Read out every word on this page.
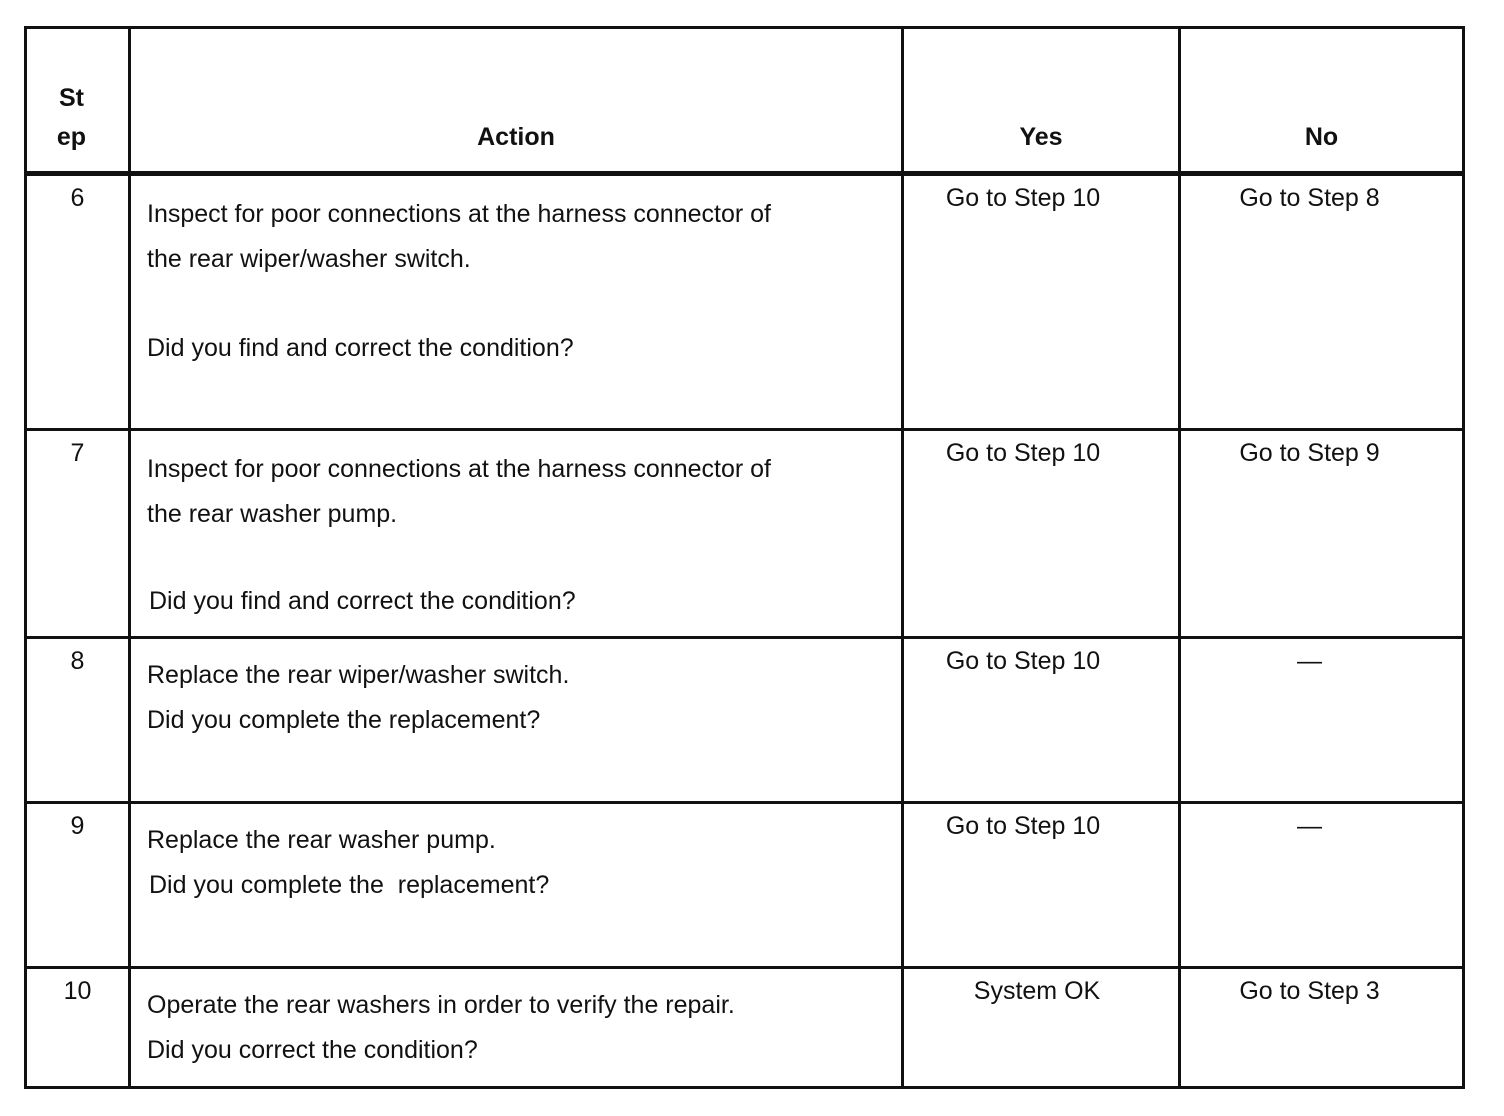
St
ep	Action	Yes	No

6	Inspect for poor connections at the harness connector of
the rear wiper/washer switch.
Did you find and correct the condition?	Go to Step 10	Go to Step 8

7	Inspect for poor connections at the harness connector of
the rear washer pump.
Did you find and correct the condition?	Go to Step 10	Go to Step 9

8	Replace the rear wiper/washer switch.
Did you complete the replacement?	Go to Step 10	—

9	Replace the rear washer pump.
Did you complete the  replacement?	Go to Step 10	—

10	Operate the rear washers in order to verify the repair.
Did you correct the condition?	System OK	Go to Step 3
